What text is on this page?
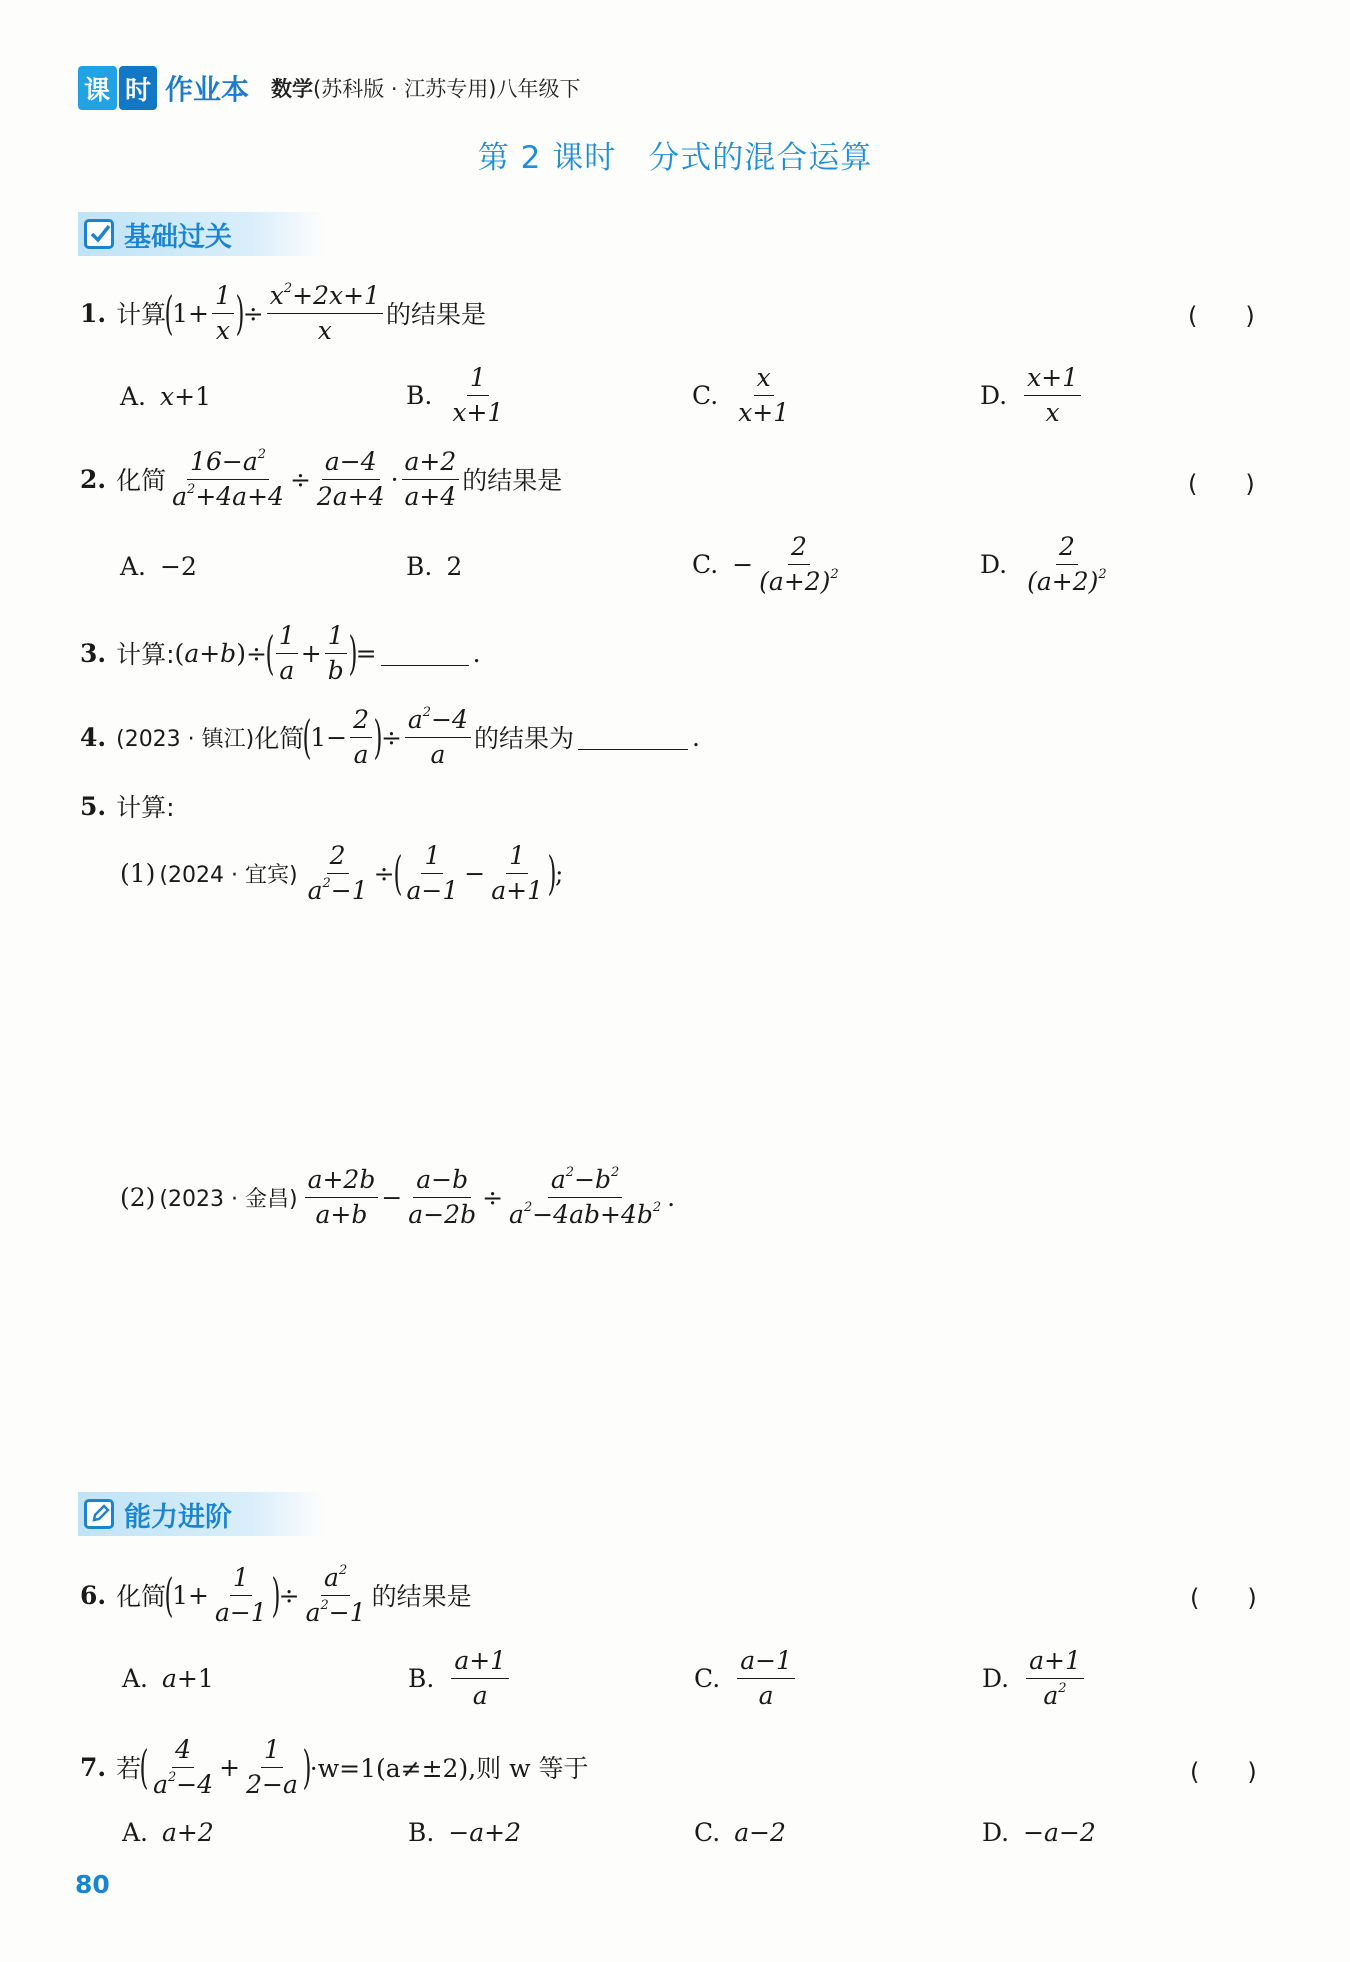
课 时 作业本 数学(苏科版 · 江苏专用)八年级下
第 2 课时　分式的混合运算
基础过关
1. 计算
(
$1+ \frac{1}{x}$ )
÷ $\frac{x^2+2x+1}{x}$ 的结果是	(　　)
A. x +1	B. $\frac{1}{x+1}$	C. $\frac{x}{x+1}$	D. $\frac{x+1}{x}$
2. 化简 $\frac{16-a^2}{a^2+4a+4} \div \frac{a-4}{2a+4} \cdot \frac{a+2}{a+4}$ 的结果是	(　　)
A. −2	B. 2	C. − $\frac{2}{(a+2)^2}$	D. $\frac{2}{(a+2)^2}$
3. 计算: ( a + b )÷
( $\frac{1}{a} + \frac{1}{b}$ )
=	.
4. (2023 · 镇江) 化简
(
$1- \frac{2}{a}$ )
÷ $\frac{a^2-4}{a}$ 的结果为	.
5. 计算:
(1) (2024 · 宜宾) $\frac{2}{a^2-1}$ ÷
( $\frac{1}{a-1} - \frac{1}{a+1}$ )
;
(2) (2023 · 金昌) $\frac{a+2b}{a+b} - \frac{a-b}{a-2b} \div \frac{a^2-b^2}{a^2-4ab+4b^2}$ .
能力进阶
6. 化简
(
$1+ \frac{1}{a-1}$ )
÷ $\frac{a^2}{a^2-1}$ 的结果是	(　　)
A. a +1	B. $\frac{a+1}{a}$	C. $\frac{a-1}{a}$	D. $\frac{a+1}{a^2}$
7. 若
( $\frac{4}{a^2-4} + \frac{1}{2-a}$ )
·w=1(a≠±2),则 w 等于	(　　)
A. a+2	B. −a+2	C. a−2	D. −a−2
80
